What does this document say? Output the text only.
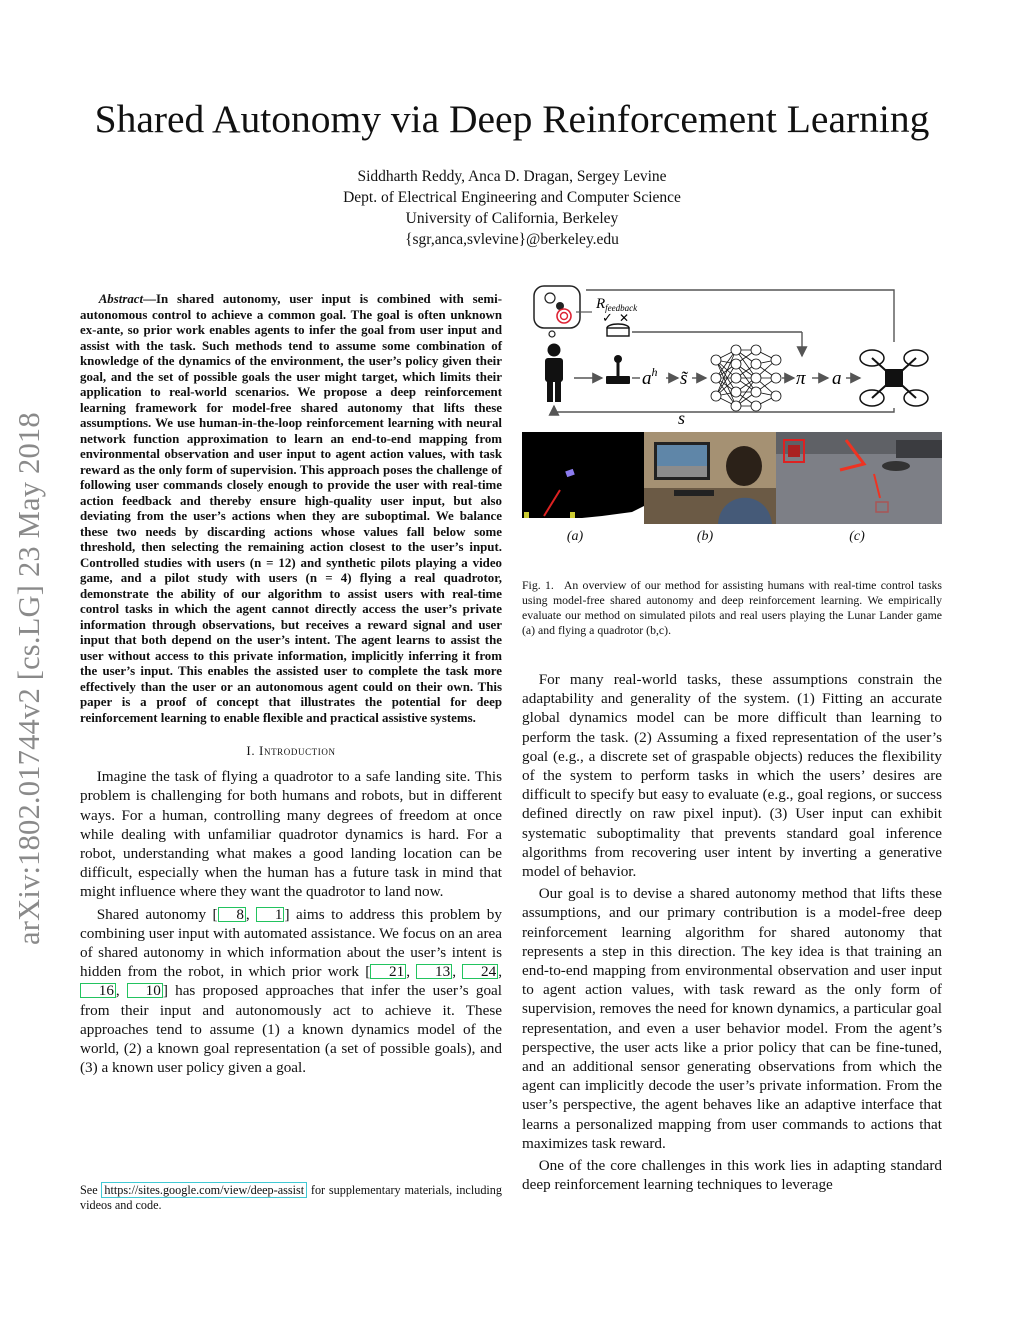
arXiv:1802.01744v2 [cs.LG] 23 May 2018
Shared Autonomy via Deep Reinforcement Learning
Siddharth Reddy, Anca D. Dragan, Sergey Levine
Dept. of Electrical Engineering and Computer Science
University of California, Berkeley
{sgr,anca,svlevine}@berkeley.edu

Abstract—In shared autonomy, user input is combined with semi-autonomous control to achieve a common goal. The goal is often unknown ex-ante, so prior work enables agents to infer the goal from user input and assist with the task. Such methods tend to assume some combination of knowledge of the dynamics of the environment, the user’s policy given their goal, and the set of possible goals the user might target, which limits their application to real-world scenarios. We propose a deep reinforcement learning framework for model-free shared autonomy that lifts these assumptions. We use human-in-the-loop reinforcement learning with neural network function approximation to learn an end-to-end mapping from environmental observation and user input to agent action values, with task reward as the only form of supervision. This approach poses the challenge of following user commands closely enough to provide the user with real-time action feedback and thereby ensure high-quality user input, but also deviating from the user’s actions when they are suboptimal. We balance these two needs by discarding actions whose values fall below some threshold, then selecting the remaining action closest to the user’s input. Controlled studies with users (n = 12) and synthetic pilots playing a video game, and a pilot study with users (n = 4) flying a real quadrotor, demonstrate the ability of our algorithm to assist users with real-time control tasks in which the agent cannot directly access the user’s private information through observations, but receives a reward signal and user input that both depend on the user’s intent. The agent learns to assist the user without access to this private information, implicitly inferring it from the user’s input. This enables the assisted user to complete the task more effectively than the user or an autonomous agent could on their own. This paper is a proof of concept that illustrates the potential for deep reinforcement learning to enable flexible and practical assistive systems.

I. Introduction

Imagine the task of flying a quadrotor to a safe landing site. This problem is challenging for both humans and robots, but in different ways. For a human, controlling many degrees of freedom at once while dealing with unfamiliar quadrotor dynamics is hard. For a robot, understanding what makes a good landing location can be difficult, especially when the human has a future task in mind that might influence where they want the quadrotor to land now.

Shared autonomy [ 8 , 1 ] aims to address this problem by combining user input with automated assistance. We focus on an area of shared autonomy in which information about the user’s intent is hidden from the robot, in which prior work [ 21 , 13 , 24 , 16 , 10 ] has proposed approaches that infer the user’s goal from their input and autonomously act to achieve it. These approaches tend to assume (1) a known dynamics model of the world, (2) a known goal representation (a set of possible goals), and (3) a known user policy given a goal.

See https://sites.google.com/view/deep-assist for supplementary materials, including videos and code.
$R_{feedback}$
✓ ✕
$a^h$ s̃	π a
s
(a)	(b)	(c)
Fig. 1. An overview of our method for assisting humans with real-time control tasks using model-free shared autonomy and deep reinforcement learning. We empirically evaluate our method on simulated pilots and real users playing the Lunar Lander game (a) and flying a quadrotor (b,c).

For many real-world tasks, these assumptions constrain the adaptability and generality of the system. (1) Fitting an accurate global dynamics model can be more difficult than learning to perform the task. (2) Assuming a fixed representation of the user’s goal (e.g., a discrete set of graspable objects) reduces the flexibility of the system to perform tasks in which the users’ desires are difficult to specify but easy to evaluate (e.g., goal regions, or success defined directly on raw pixel input). (3) User input can exhibit systematic suboptimality that prevents standard goal inference algorithms from recovering user intent by inverting a generative model of behavior.

Our goal is to devise a shared autonomy method that lifts these assumptions, and our primary contribution is a model-free deep reinforcement learning algorithm for shared autonomy that represents a step in this direction. The key idea is that training an end-to-end mapping from environmental observation and user input to agent action values, with task reward as the only form of supervision, removes the need for known dynamics, a particular goal representation, and even a user behavior model. From the agent’s perspective, the user acts like a prior policy that can be fine-tuned, and an additional sensor generating observations from which the agent can implicitly decode the user’s private information. From the user’s perspective, the agent behaves like an adaptive interface that learns a personalized mapping from user commands to actions that maximizes task reward.

One of the core challenges in this work lies in adapting standard deep reinforcement learning techniques to leverage
